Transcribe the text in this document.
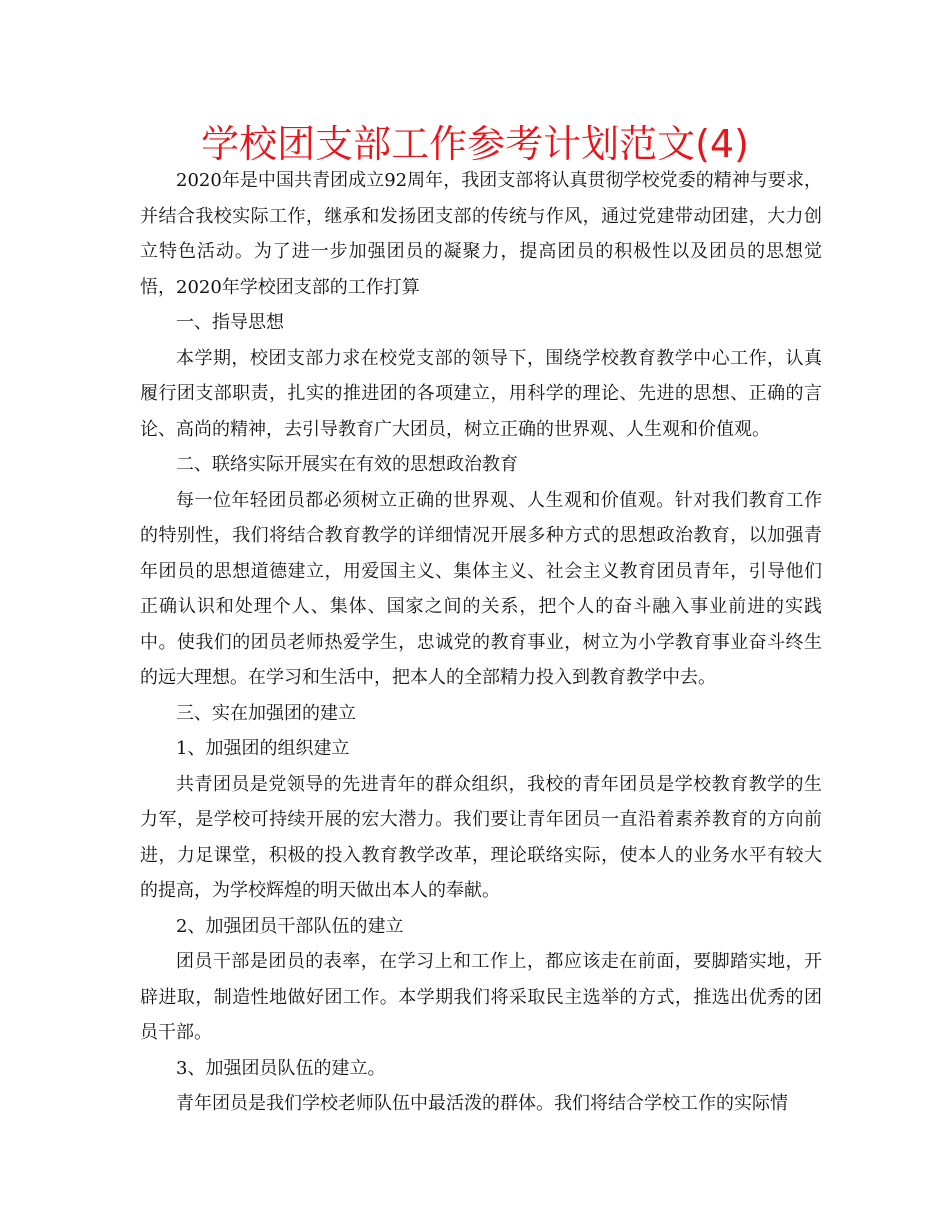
学校团支部工作参考计划范文(4)

2020年是中国共青团成立92周年，我团支部将认真贯彻学校党委的精神与要求，并结合我校实际工作，继承和发扬团支部的传统与作风，通过党建带动团建，大力创立特色活动。为了进一步加强团员的凝聚力，提高团员的积极性以及团员的思想觉悟，2020年学校团支部的工作打算

一、指导思想

本学期，校团支部力求在校党支部的领导下，围绕学校教育教学中心工作，认真履行团支部职责，扎实的推进团的各项建立，用科学的理论、先进的思想、正确的言论、高尚的精神，去引导教育广大团员，树立正确的世界观、人生观和价值观。

二、联络实际开展实在有效的思想政治教育

每一位年轻团员都必须树立正确的世界观、人生观和价值观。针对我们教育工作的特别性，我们将结合教育教学的详细情况开展多种方式的思想政治教育，以加强青年团员的思想道德建立，用爱国主义、集体主义、社会主义教育团员青年，引导他们正确认识和处理个人、集体、国家之间的关系，把个人的奋斗融入事业前进的实践中。使我们的团员老师热爱学生，忠诚党的教育事业，树立为小学教育事业奋斗终生的远大理想。在学习和生活中，把本人的全部精力投入到教育教学中去。

三、实在加强团的建立

1、加强团的组织建立

共青团员是党领导的先进青年的群众组织，我校的青年团员是学校教育教学的生力军，是学校可持续开展的宏大潜力。我们要让青年团员一直沿着素养教育的方向前进，力足课堂，积极的投入教育教学改革，理论联络实际，使本人的业务水平有较大的提高，为学校辉煌的明天做出本人的奉献。

2、加强团员干部队伍的建立

团员干部是团员的表率，在学习上和工作上，都应该走在前面，要脚踏实地，开辟进取，制造性地做好团工作。本学期我们将采取民主选举的方式，推选出优秀的团员干部。

3、加强团员队伍的建立。

青年团员是我们学校老师队伍中最活泼的群体。我们将结合学校工作的实际情
